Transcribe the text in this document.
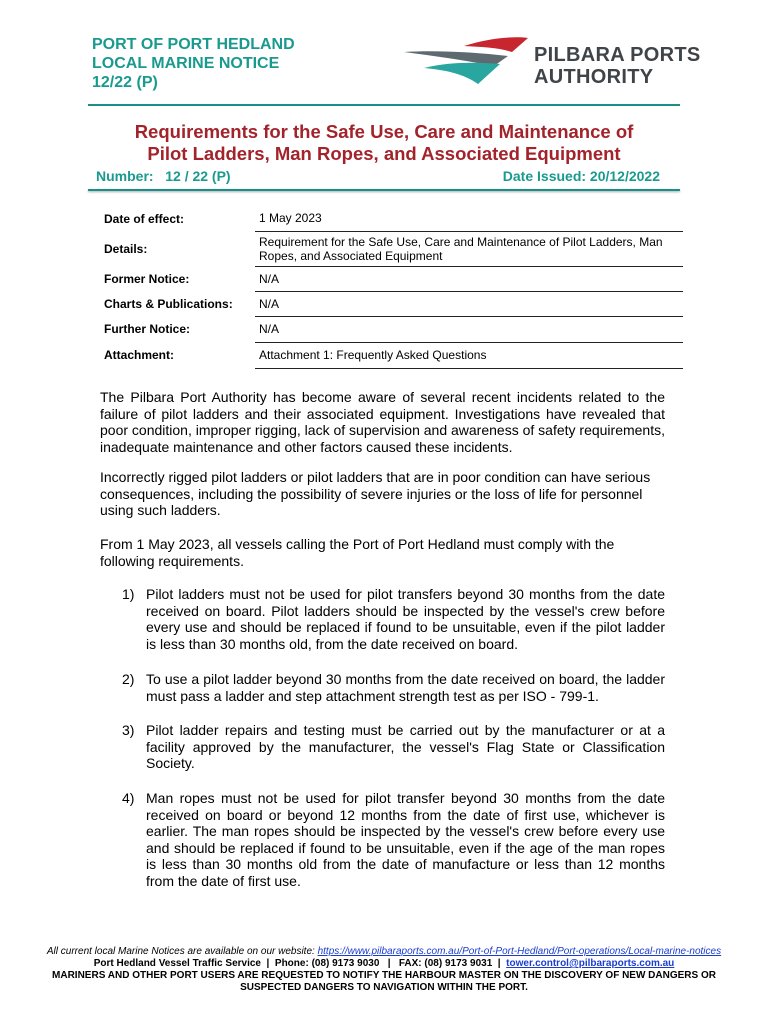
PORT OF PORT HEDLAND
LOCAL MARINE NOTICE
12/22 (P)
PILBARA PORTS
AUTHORITY
Requirements for the Safe Use, Care and Maintenance of
Pilot Ladders, Man Ropes, and Associated Equipment
Number:   12 / 22 (P)	Date Issued: 20/12/2022
Date of effect:	1 May 2023
Details:	Requirement for the Safe Use, Care and Maintenance of Pilot Ladders, Man Ropes, and Associated Equipment
Former Notice:	N/A
Charts & Publications:	N/A
Further Notice:	N/A
Attachment:	Attachment 1: Frequently Asked Questions
The Pilbara Port Authority has become aware of several recent incidents related to the failure of pilot ladders and their associated equipment. Investigations have revealed that poor condition, improper rigging, lack of supervision and awareness of safety requirements, inadequate maintenance and other factors caused these incidents.
Incorrectly rigged pilot ladders or pilot ladders that are in poor condition can have serious consequences, including the possibility of severe injuries or the loss of life for personnel using such ladders.
From 1 May 2023, all vessels calling the Port of Port Hedland must comply with the following requirements.
1) Pilot ladders must not be used for pilot transfers beyond 30 months from the date received on board. Pilot ladders should be inspected by the vessel's crew before every use and should be replaced if found to be unsuitable, even if the pilot ladder is less than 30 months old, from the date received on board.
2) To use a pilot ladder beyond 30 months from the date received on board, the ladder must pass a ladder and step attachment strength test as per ISO - 799-1.
3) Pilot ladder repairs and testing must be carried out by the manufacturer or at a facility approved by the manufacturer, the vessel's Flag State or Classification Society.
4) Man ropes must not be used for pilot transfer beyond 30 months from the date received on board or beyond 12 months from the date of first use, whichever is earlier. The man ropes should be inspected by the vessel's crew before every use and should be replaced if found to be unsuitable, even if the age of the man ropes is less than 30 months old from the date of manufacture or less than 12 months from the date of first use.
All current local Marine Notices are available on our website: https://www.pilbaraports.com.au/Port-of-Port-Hedland/Port-operations/Local-marine-notices
Port Hedland Vessel Traffic Service  |  Phone: (08) 9173 9030   |   FAX: (08) 9173 9031  |  tower.control@pilbaraports.com.au
MARINERS AND OTHER PORT USERS ARE REQUESTED TO NOTIFY THE HARBOUR MASTER ON THE DISCOVERY OF NEW DANGERS OR
SUSPECTED DANGERS TO NAVIGATION WITHIN THE PORT.
